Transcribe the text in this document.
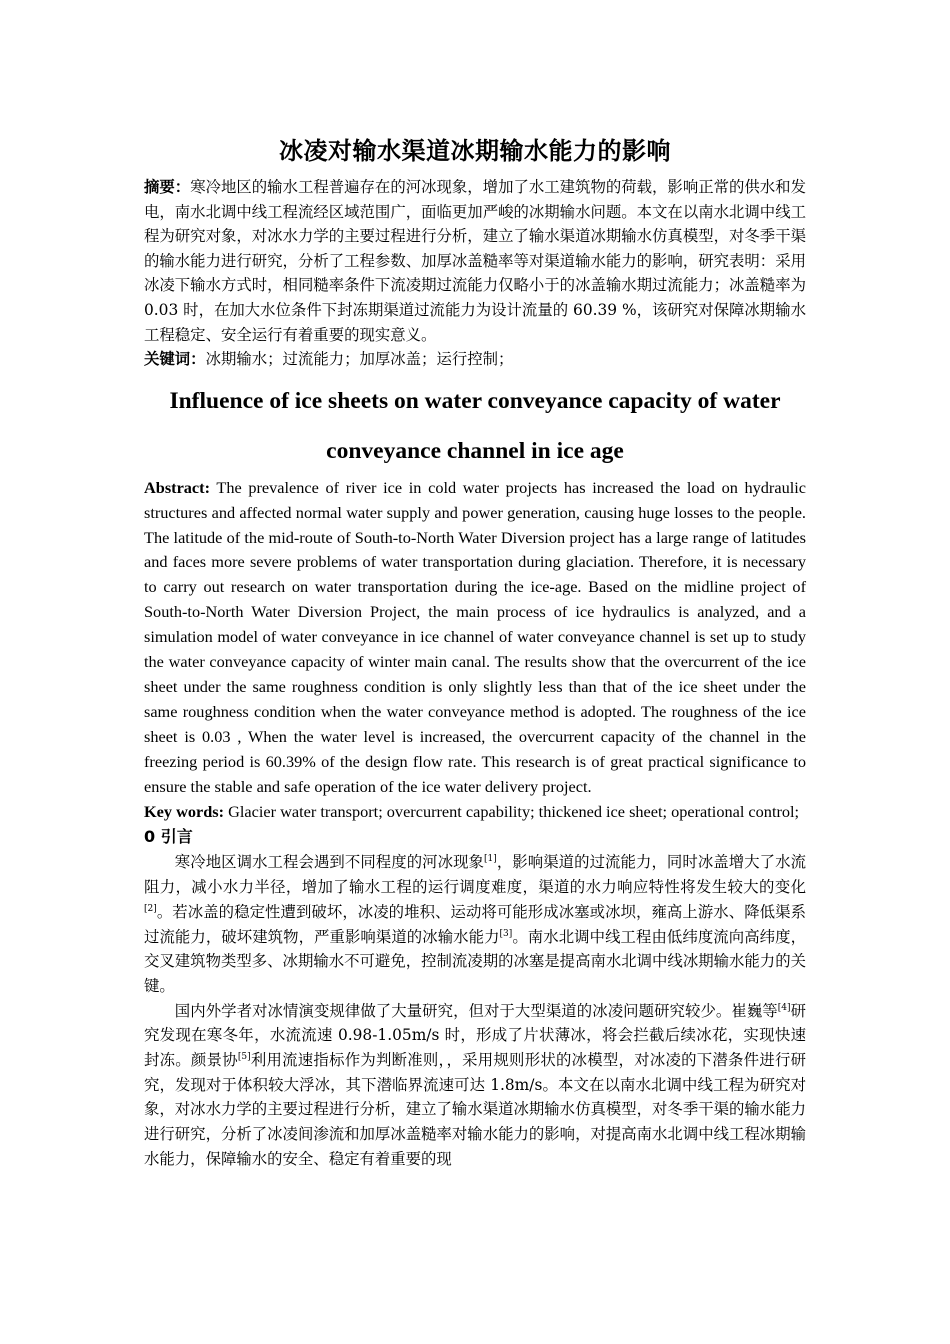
冰凌对输水渠道冰期输水能力的影响

摘要：寒冷地区的输水工程普遍存在的河冰现象，增加了水工建筑物的荷载，影响正常的供水和发电，南水北调中线工程流经区域范围广，面临更加严峻的冰期输水问题。本文在以南水北调中线工程为研究对象，对冰水力学的主要过程进行分析，建立了输水渠道冰期输水仿真模型，对冬季干渠的输水能力进行研究，分析了工程参数、加厚冰盖糙率等对渠道输水能力的影响，研究表明：采用冰凌下输水方式时，相同糙率条件下流凌期过流能力仅略小于的冰盖输水期过流能力；冰盖糙率为 0.03 时，在加大水位条件下封冻期渠道过流能力为设计流量的 60.39 %，该研究对保障冰期输水工程稳定、安全运行有着重要的现实意义。

关键词：冰期输水；过流能力；加厚冰盖；运行控制；

Influence of ice sheets on water conveyance capacity of water conveyance channel in ice age

Abstract: The prevalence of river ice in cold water projects has increased the load on hydraulic structures and affected normal water supply and power generation, causing huge losses to the people. The latitude of the mid-route of South-to-North Water Diversion project has a large range of latitudes and faces more severe problems of water transportation during glaciation. Therefore, it is necessary to carry out research on water transportation during the ice-age. Based on the midline project of South-to-North Water Diversion Project, the main process of ice hydraulics is analyzed, and a simulation model of water conveyance in ice channel of water conveyance channel is set up to study the water conveyance capacity of winter main canal. The results show that the overcurrent of the ice sheet under the same roughness condition is only slightly less than that of the ice sheet under the same roughness condition when the water conveyance method is adopted. The roughness of the ice sheet is 0.03 , When the water level is increased, the overcurrent capacity of the channel in the freezing period is 60.39% of the design flow rate. This research is of great practical significance to ensure the stable and safe operation of the ice water delivery project.

Key words: Glacier water transport; overcurrent capability; thickened ice sheet; operational control;

0 引言

寒冷地区调水工程会遇到不同程度的河冰现象[1]，影响渠道的过流能力，同时冰盖增大了水流阻力，减小水力半径，增加了输水工程的运行调度难度，渠道的水力响应特性将发生较大的变化[2]。若冰盖的稳定性遭到破坏，冰凌的堆积、运动将可能形成冰塞或冰坝，雍高上游水、降低渠系过流能力，破坏建筑物，严重影响渠道的冰输水能力[3]。南水北调中线工程由低纬度流向高纬度，交叉建筑物类型多、冰期输水不可避免，控制流凌期的冰塞是提高南水北调中线冰期输水能力的关键。

国内外学者对冰情演变规律做了大量研究，但对于大型渠道的冰凌问题研究较少。崔巍等[4]研究发现在寒冬年，水流流速 0.98-1.05m/s 时，形成了片状薄冰，将会拦截后续冰花，实现快速封冻。颜景协[5]利用流速指标作为判断准则，，采用规则形状的冰模型，对冰凌的下潜条件进行研究，发现对于体积较大浮冰，其下潜临界流速可达 1.8m/s。本文在以南水北调中线工程为研究对象，对冰水力学的主要过程进行分析，建立了输水渠道冰期输水仿真模型，对冬季干渠的输水能力进行研究，分析了冰凌间渗流和加厚冰盖糙率对输水能力的影响，对提高南水北调中线工程冰期输水能力，保障输水的安全、稳定有着重要的现
